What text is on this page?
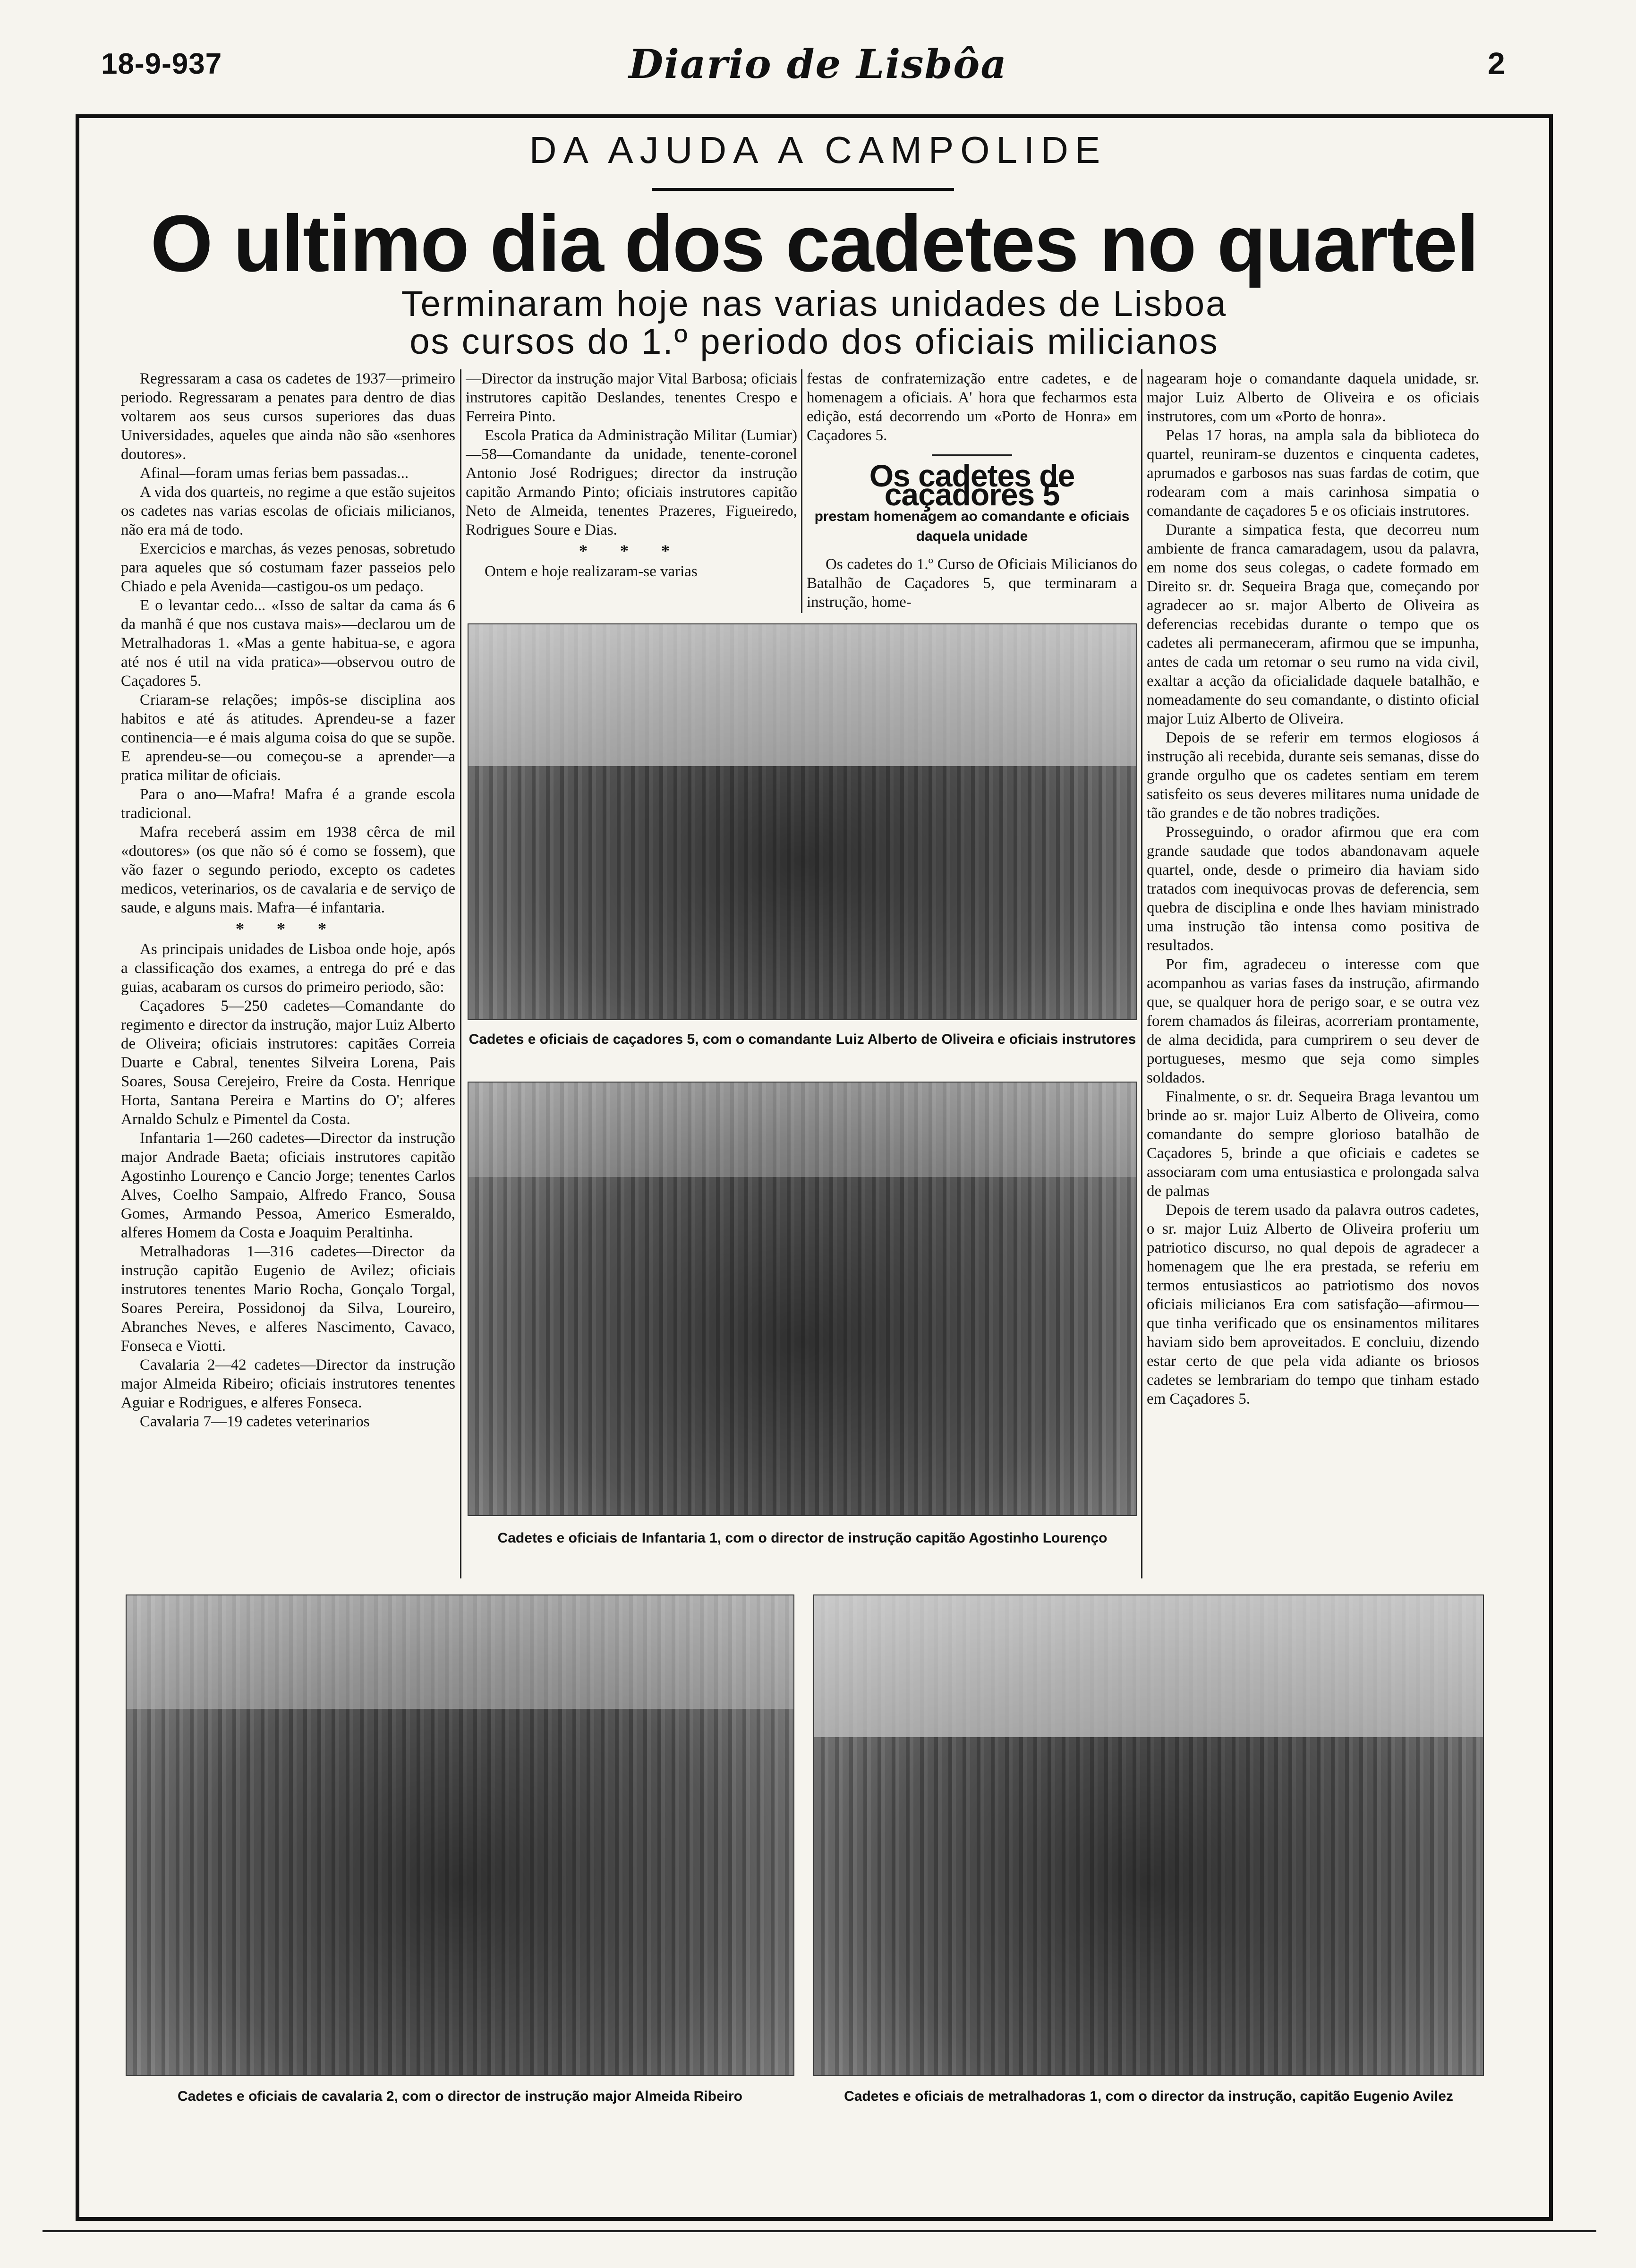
18-9-937	Diario de Lisbôa	2
DA AJUDA A CAMPOLIDE
O ultimo dia dos cadetes no quartel
Terminaram hoje nas varias unidades de Lisboa
os cursos do 1.º periodo dos oficiais milicianos

Regressaram a casa os cadetes de 1937—primeiro periodo. Regressaram a penates para dentro de dias voltarem aos seus cursos superiores das duas Universidades, aqueles que ainda não são «senhores doutores».

Afinal—foram umas ferias bem passadas...

A vida dos quarteis, no regime a que estão sujeitos os cadetes nas varias escolas de oficiais milicianos, não era má de todo.

Exercicios e marchas, ás vezes penosas, sobretudo para aqueles que só costumam fazer passeios pelo Chiado e pela Avenida—castigou-os um pedaço.

E o levantar cedo... «Isso de saltar da cama ás 6 da manhã é que nos custava mais»—declarou um de Metralhadoras 1. «Mas a gente habitua-se, e agora até nos é util na vida pratica»—observou outro de Caçadores 5.

Criaram-se relações; impôs-se disciplina aos habitos e até ás atitudes. Aprendeu-se a fazer continencia—e é mais alguma coisa do que se supõe. E aprendeu-se—ou começou-se a aprender—a pratica militar de oficiais.

Para o ano—Mafra! Mafra é a grande escola tradicional.

Mafra receberá assim em 1938 cêrca de mil «doutores» (os que não só é como se fossem), que vão fazer o segundo periodo, excepto os cadetes medicos, veterinarios, os de cavalaria e de serviço de saude, e alguns mais. Mafra—é infantaria.

* * *

As principais unidades de Lisboa onde hoje, após a classificação dos exames, a entrega do pré e das guias, acabaram os cursos do primeiro periodo, são:

Caçadores 5—250 cadetes—Comandante do regimento e director da instrução, major Luiz Alberto de Oliveira; oficiais instrutores: capitães Correia Duarte e Cabral, tenentes Silveira Lorena, Pais Soares, Sousa Cerejeiro, Freire da Costa. Henrique Horta, Santana Pereira e Martins do O'; alferes Arnaldo Schulz e Pimentel da Costa.

Infantaria 1—260 cadetes—Director da instrução major Andrade Baeta; oficiais instrutores capitão Agostinho Lourenço e Cancio Jorge; tenentes Carlos Alves, Coelho Sampaio, Alfredo Franco, Sousa Gomes, Armando Pessoa, Americo Esmeraldo, alferes Homem da Costa e Joaquim Peraltinha.

Metralhadoras 1—316 cadetes—Director da instrução capitão Eugenio de Avilez; oficiais instrutores tenentes Mario Rocha, Gonçalo Torgal, Soares Pereira, Possidonoj da Silva, Loureiro, Abranches Neves, e alferes Nascimento, Cavaco, Fonseca e Viotti.

Cavalaria 2—42 cadetes—Director da instrução major Almeida Ribeiro; oficiais instrutores tenentes Aguiar e Rodrigues, e alferes Fonseca.

Cavalaria 7—19 cadetes veterinarios

—Director da instrução major Vital Barbosa; oficiais instrutores capitão Deslandes, tenentes Crespo e Ferreira Pinto.

Escola Pratica da Administração Militar (Lumiar)—58—Comandante da unidade, tenente-coronel Antonio José Rodrigues; director da instrução capitão Armando Pinto; oficiais instrutores capitão Neto de Almeida, tenentes Prazeres, Figueiredo, Rodrigues Soure e Dias.

* * *

Ontem e hoje realizaram-se varias

festas de confraternização entre cadetes, e de homenagem a oficiais. A' hora que fecharmos esta edição, está decorrendo um «Porto de Honra» em Caçadores 5.

Os cadetes de caçadores 5
prestam homenagem ao comandante e oficiais daquela unidade

Os cadetes do 1.º Curso de Oficiais Milicianos do Batalhão de Caçadores 5, que terminaram a instrução, home-

nagearam hoje o comandante daquela unidade, sr. major Luiz Alberto de Oliveira e os oficiais instrutores, com um «Porto de honra».

Pelas 17 horas, na ampla sala da biblioteca do quartel, reuniram-se duzentos e cinquenta cadetes, aprumados e garbosos nas suas fardas de cotim, que rodearam com a mais carinhosa simpatia o comandante de caçadores 5 e os oficiais instrutores.

Durante a simpatica festa, que decorreu num ambiente de franca camaradagem, usou da palavra, em nome dos seus colegas, o cadete formado em Direito sr. dr. Sequeira Braga que, começando por agradecer ao sr. major Alberto de Oliveira as deferencias recebidas durante o tempo que os cadetes ali permaneceram, afirmou que se impunha, antes de cada um retomar o seu rumo na vida civil, exaltar a acção da oficialidade daquele batalhão, e nomeadamente do seu comandante, o distinto oficial major Luiz Alberto de Oliveira.

Depois de se referir em termos elogiosos á instrução ali recebida, durante seis semanas, disse do grande orgulho que os cadetes sentiam em terem satisfeito os seus deveres militares numa unidade de tão grandes e de tão nobres tradições.

Prosseguindo, o orador afirmou que era com grande saudade que todos abandonavam aquele quartel, onde, desde o primeiro dia haviam sido tratados com inequivocas provas de deferencia, sem quebra de disciplina e onde lhes haviam ministrado uma instrução tão intensa como positiva de resultados.

Por fim, agradeceu o interesse com que acompanhou as varias fases da instrução, afirmando que, se qualquer hora de perigo soar, e se outra vez forem chamados ás fileiras, acorreriam prontamente, de alma decidida, para cumprirem o seu dever de portugueses, mesmo que seja como simples soldados.

Finalmente, o sr. dr. Sequeira Braga levantou um brinde ao sr. major Luiz Alberto de Oliveira, como comandante do sempre glorioso batalhão de Caçadores 5, brinde a que oficiais e cadetes se associaram com uma entusiastica e prolongada salva de palmas

Depois de terem usado da palavra outros cadetes, o sr. major Luiz Alberto de Oliveira proferiu um patriotico discurso, no qual depois de agradecer a homenagem que lhe era prestada, se referiu em termos entusiasticos ao patriotismo dos novos oficiais milicianos Era com satisfação—afirmou—que tinha verificado que os ensinamentos militares haviam sido bem aproveitados. E concluiu, dizendo estar certo de que pela vida adiante os briosos cadetes se lembrariam do tempo que tinham estado em Caçadores 5.

Cadetes e oficiais de caçadores 5, com o comandante Luiz Alberto de Oliveira e oficiais instrutores
Cadetes e oficiais de Infantaria 1, com o director de instrução capitão Agostinho Lourenço
Cadetes e oficiais de cavalaria 2, com o director de instrução major Almeida Ribeiro	Cadetes e oficiais de metralhadoras 1, com o director da instrução, capitão Eugenio Avilez
